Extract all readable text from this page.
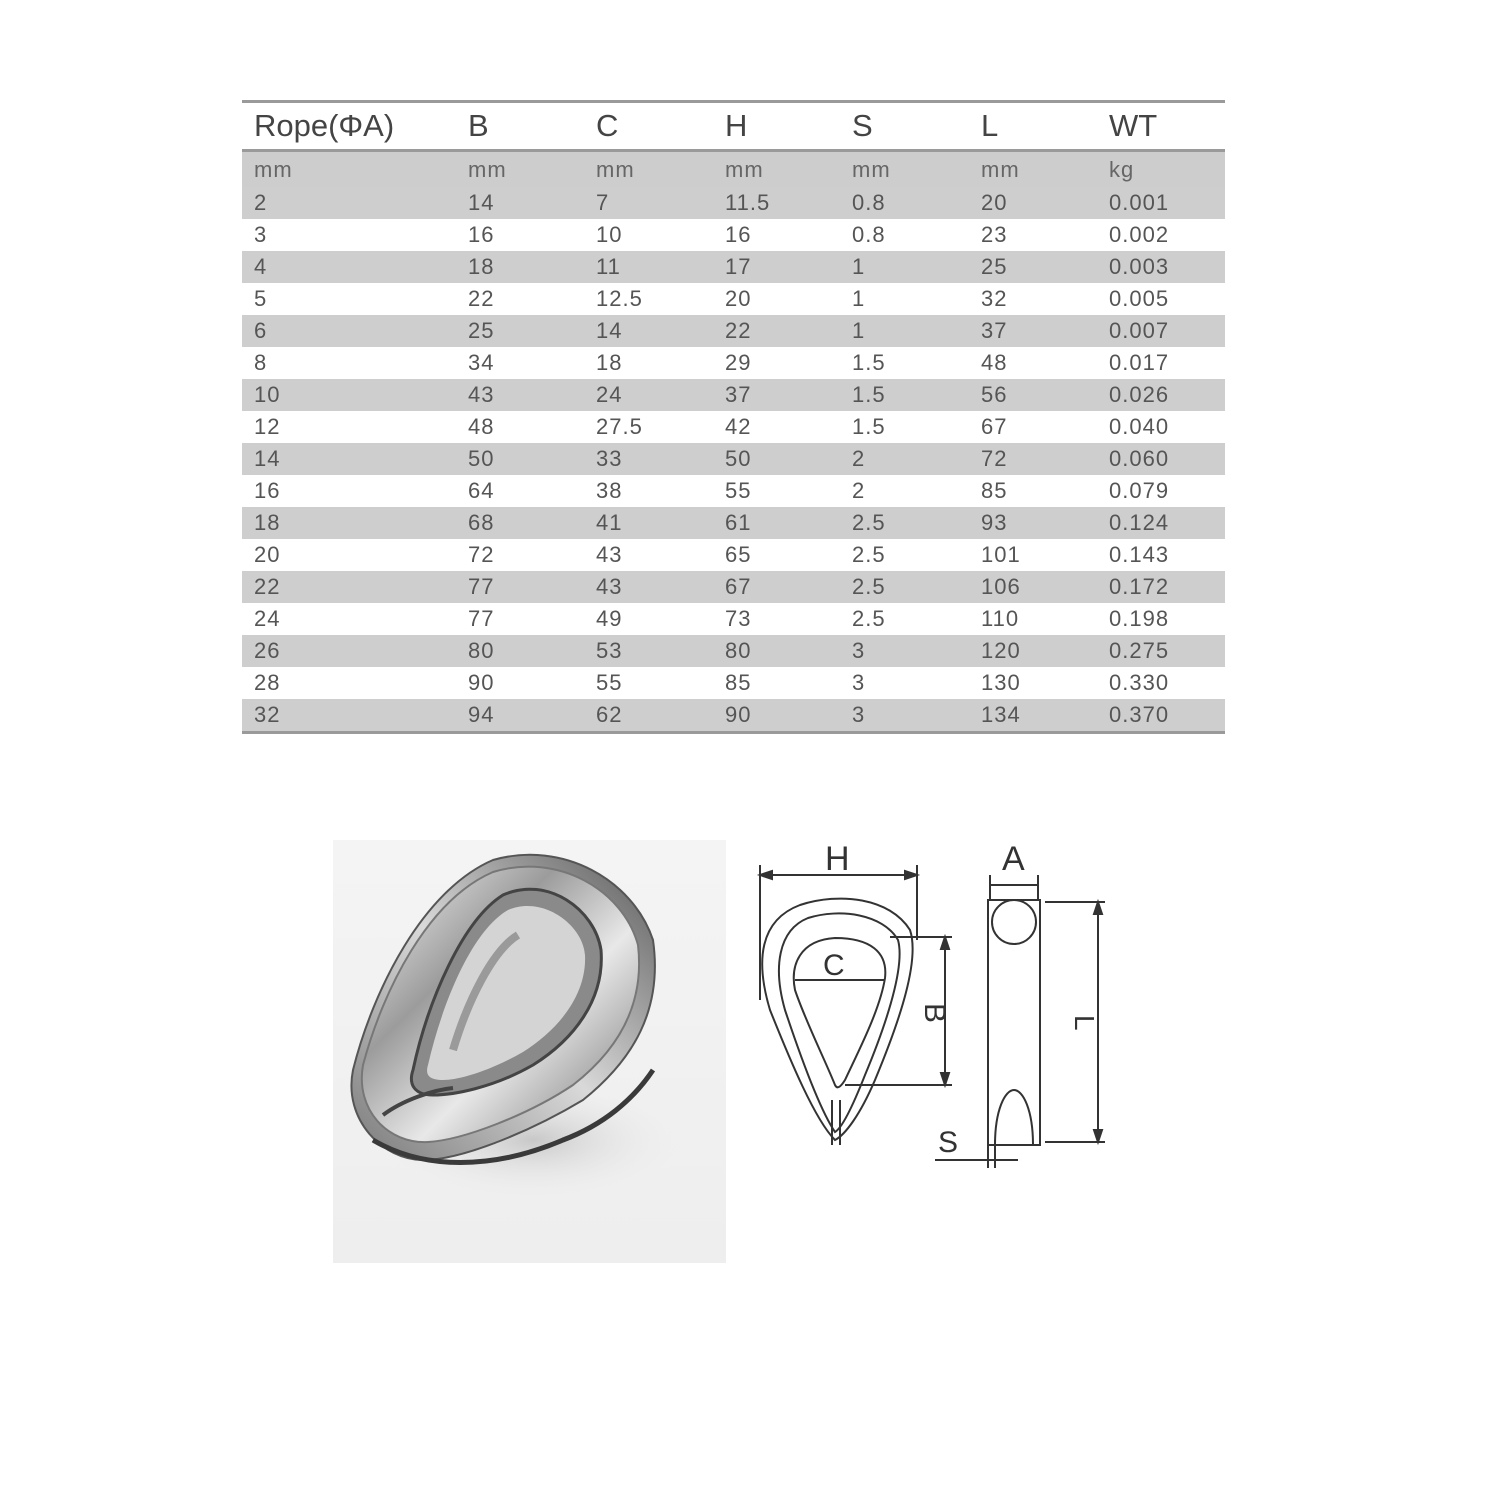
Rope(ΦA)	B	C	H	S	L	WT
mm	mm	mm	mm	mm	mm	kg
2	14	7	11.5	0.8	20	0.001
3	16	10	16	0.8	23	0.002
4	18	11	17	1	25	0.003
5	22	12.5	20	1	32	0.005
6	25	14	22	1	37	0.007
8	34	18	29	1.5	48	0.017
10	43	24	37	1.5	56	0.026
12	48	27.5	42	1.5	67	0.040
14	50	33	50	2	72	0.060
16	64	38	55	2	85	0.079
18	68	41	61	2.5	93	0.124
20	72	43	65	2.5	101	0.143
22	77	43	67	2.5	106	0.172
24	77	49	73	2.5	110	0.198
26	80	53	80	3	120	0.275
28	90	55	85	3	130	0.330
32	94	62	90	3	134	0.370
H
C
B
A
L
S
